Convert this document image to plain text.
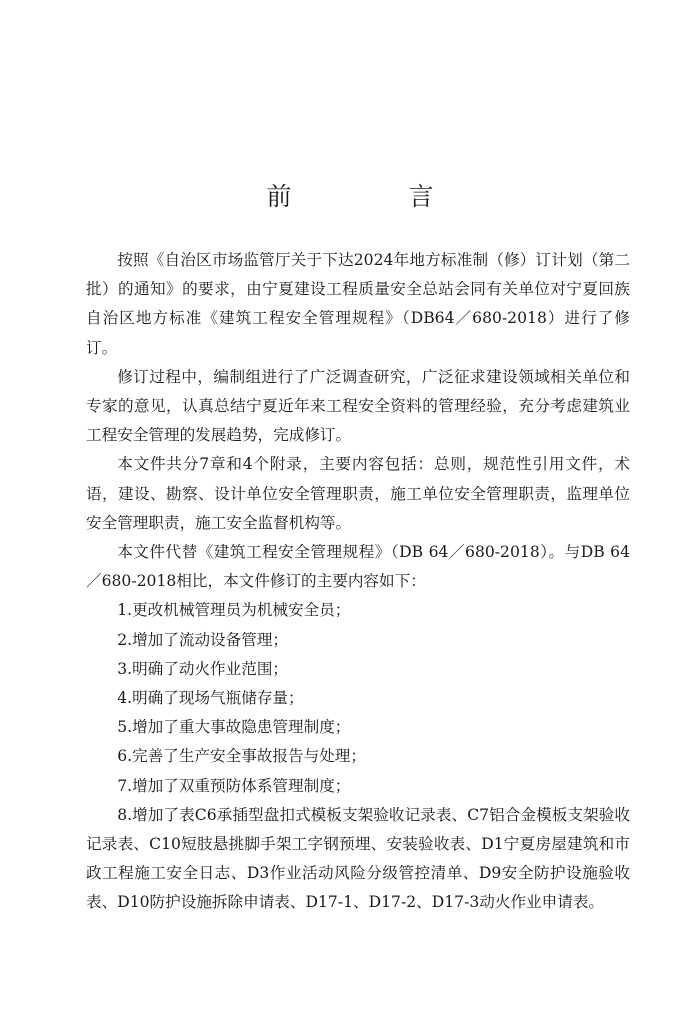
前　言

按照《自治区市场监管厅关于下达2024年地方标准制（修）订计划（第二批）的通知》的要求，由宁夏建设工程质量安全总站会同有关单位对宁夏回族自治区地方标准《建筑工程安全管理规程》（DB64／680-2018）进行了修订。

修订过程中，编制组进行了广泛调查研究，广泛征求建设领域相关单位和专家的意见，认真总结宁夏近年来工程安全资料的管理经验，充分考虑建筑业工程安全管理的发展趋势，完成修订。

本文件共分7章和4个附录，主要内容包括：总则，规范性引用文件，术语，建设、勘察、设计单位安全管理职责，施工单位安全管理职责，监理单位安全管理职责，施工安全监督机构等。

本文件代替《建筑工程安全管理规程》（DB 64／680-2018）。与DB 64／680-2018相比，本文件修订的主要内容如下：

1.更改机械管理员为机械安全员；

2.增加了流动设备管理；

3.明确了动火作业范围；

4.明确了现场气瓶储存量；

5.增加了重大事故隐患管理制度；

6.完善了生产安全事故报告与处理；

7.增加了双重预防体系管理制度；

8.增加了表C6承插型盘扣式模板支架验收记录表、C7铝合金模板支架验收记录表、C10短肢悬挑脚手架工字钢预埋、安装验收表、D1宁夏房屋建筑和市政工程施工安全日志、D3作业活动风险分级管控清单、D9安全防护设施验收表、D10防护设施拆除申请表、D17-1、D17-2、D17-3动火作业申请表。
